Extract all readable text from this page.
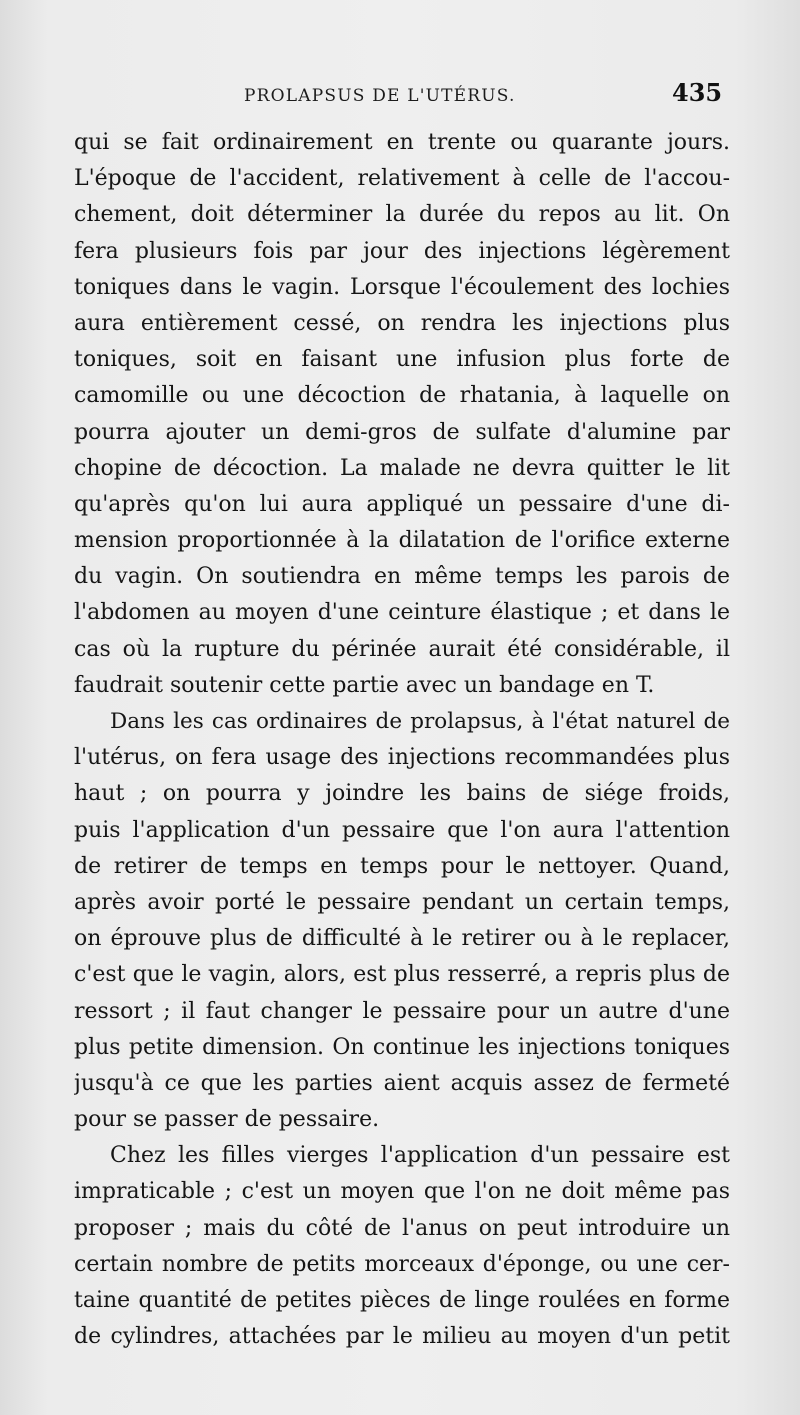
PROLAPSUS DE L'UTÉRUS.	435
qui se fait ordinairement en trente ou quarante jours.
L'époque de l'accident, relativement à celle de l'accou-
chement, doit déterminer la durée du repos au lit. On
fera plusieurs fois par jour des injections légèrement
toniques dans le vagin. Lorsque l'écoulement des lochies
aura entièrement cessé, on rendra les injections plus
toniques, soit en faisant une infusion plus forte de
camomille ou une décoction de rhatania, à laquelle on
pourra ajouter un demi-gros de sulfate d'alumine par
chopine de décoction. La malade ne devra quitter le lit
qu'après qu'on lui aura appliqué un pessaire d'une di-
mension proportionnée à la dilatation de l'orifice externe
du vagin. On soutiendra en même temps les parois de
l'abdomen au moyen d'une ceinture élastique ; et dans le
cas où la rupture du périnée aurait été considérable, il
faudrait soutenir cette partie avec un bandage en T.
Dans les cas ordinaires de prolapsus, à l'état naturel de
l'utérus, on fera usage des injections recommandées plus
haut ; on pourra y joindre les bains de siége froids,
puis l'application d'un pessaire que l'on aura l'attention
de retirer de temps en temps pour le nettoyer. Quand,
après avoir porté le pessaire pendant un certain temps,
on éprouve plus de difficulté à le retirer ou à le replacer,
c'est que le vagin, alors, est plus resserré, a repris plus de
ressort ; il faut changer le pessaire pour un autre d'une
plus petite dimension. On continue les injections toniques
jusqu'à ce que les parties aient acquis assez de fermeté
pour se passer de pessaire.
Chez les filles vierges l'application d'un pessaire est
impraticable ; c'est un moyen que l'on ne doit même pas
proposer ; mais du côté de l'anus on peut introduire un
certain nombre de petits morceaux d'éponge, ou une cer-
taine quantité de petites pièces de linge roulées en forme
de cylindres, attachées par le milieu au moyen d'un petit
